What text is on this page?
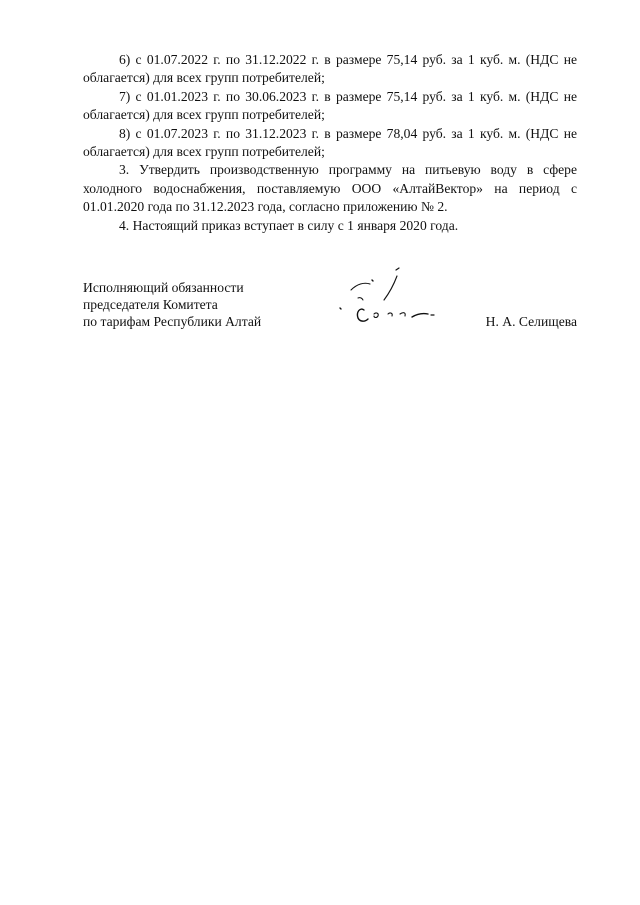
6) с 01.07.2022 г. по 31.12.2022 г. в размере 75,14 руб. за 1 куб. м. (НДС не облагается) для всех групп потребителей;

7) с 01.01.2023 г. по 30.06.2023 г. в размере 75,14 руб. за 1 куб. м. (НДС не облагается) для всех групп потребителей;

8) с 01.07.2023 г. по 31.12.2023 г. в размере 78,04 руб. за 1 куб. м. (НДС не облагается) для всех групп потребителей;

3. Утвердить производственную программу на питьевую воду в сфере холодного водоснабжения, поставляемую ООО «АлтайВектор» на период с 01.01.2020 года по 31.12.2023 года, согласно приложению № 2.

4. Настоящий приказ вступает в силу с 1 января 2020 года.

Исполняющий обязанности
председателя Комитета
по тарифам Республики Алтай	Н. А. Селищева
